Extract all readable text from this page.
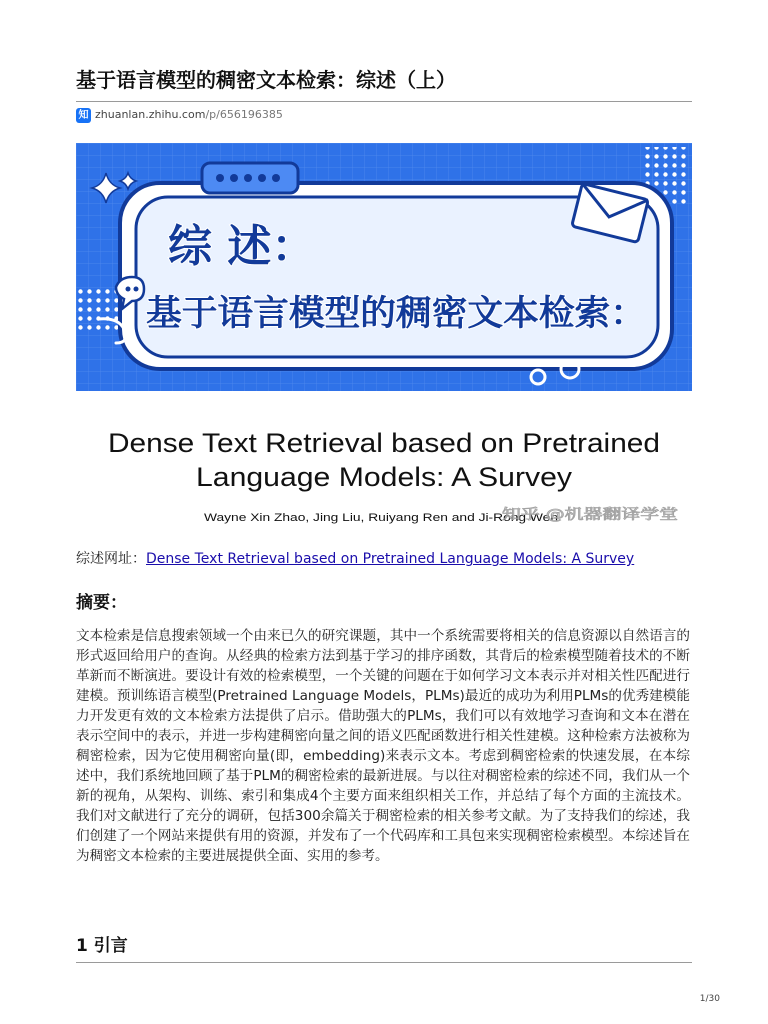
基于语言模型的稠密文本检索：综述（上）
知 zhuanlan.zhihu.com /p/656196385
综 述：
基于语言模型的稠密文本检索：
Dense Text Retrieval based on Pretrained
Language Models: A Survey
Wayne Xin Zhao, Jing Liu, Ruiyang Ren and Ji-Rong Wen
知乎 @机器翻译学堂
综述网址：Dense Text Retrieval based on Pretrained Language Models: A Survey
摘要：

文本检索是信息搜索领域一个由来已久的研究课题，其中一个系统需要将相关的信息资源以自然语言的形式返回给用户的查询。从经典的检索方法到基于学习的排序函数，其背后的检索模型随着技术的不断革新而不断演进。要设计有效的检索模型，一个关键的问题在于如何学习文本表示并对相关性匹配进行建模。预训练语言模型(Pretrained Language Models，PLMs)最近的成功为利用PLMs的优秀建模能力开发更有效的文本检索方法提供了启示。借助强大的PLMs，我们可以有效地学习查询和文本在潜在表示空间中的表示，并进一步构建稠密向量之间的语义匹配函数进行相关性建模。这种检索方法被称为稠密检索，因为它使用稠密向量(即，embedding)来表示文本。考虑到稠密检索的快速发展，在本综述中，我们系统地回顾了基于PLM的稠密检索的最新进展。与以往对稠密检索的综述不同，我们从一个新的视角，从架构、训练、索引和集成4个主要方面来组织相关工作，并总结了每个方面的主流技术。我们对文献进行了充分的调研，包括300余篇关于稠密检索的相关参考文献。为了支持我们的综述，我们创建了一个网站来提供有用的资源，并发布了一个代码库和工具包来实现稠密检索模型。本综述旨在为稠密文本检索的主要进展提供全面、实用的参考。

1 引言
1/30
